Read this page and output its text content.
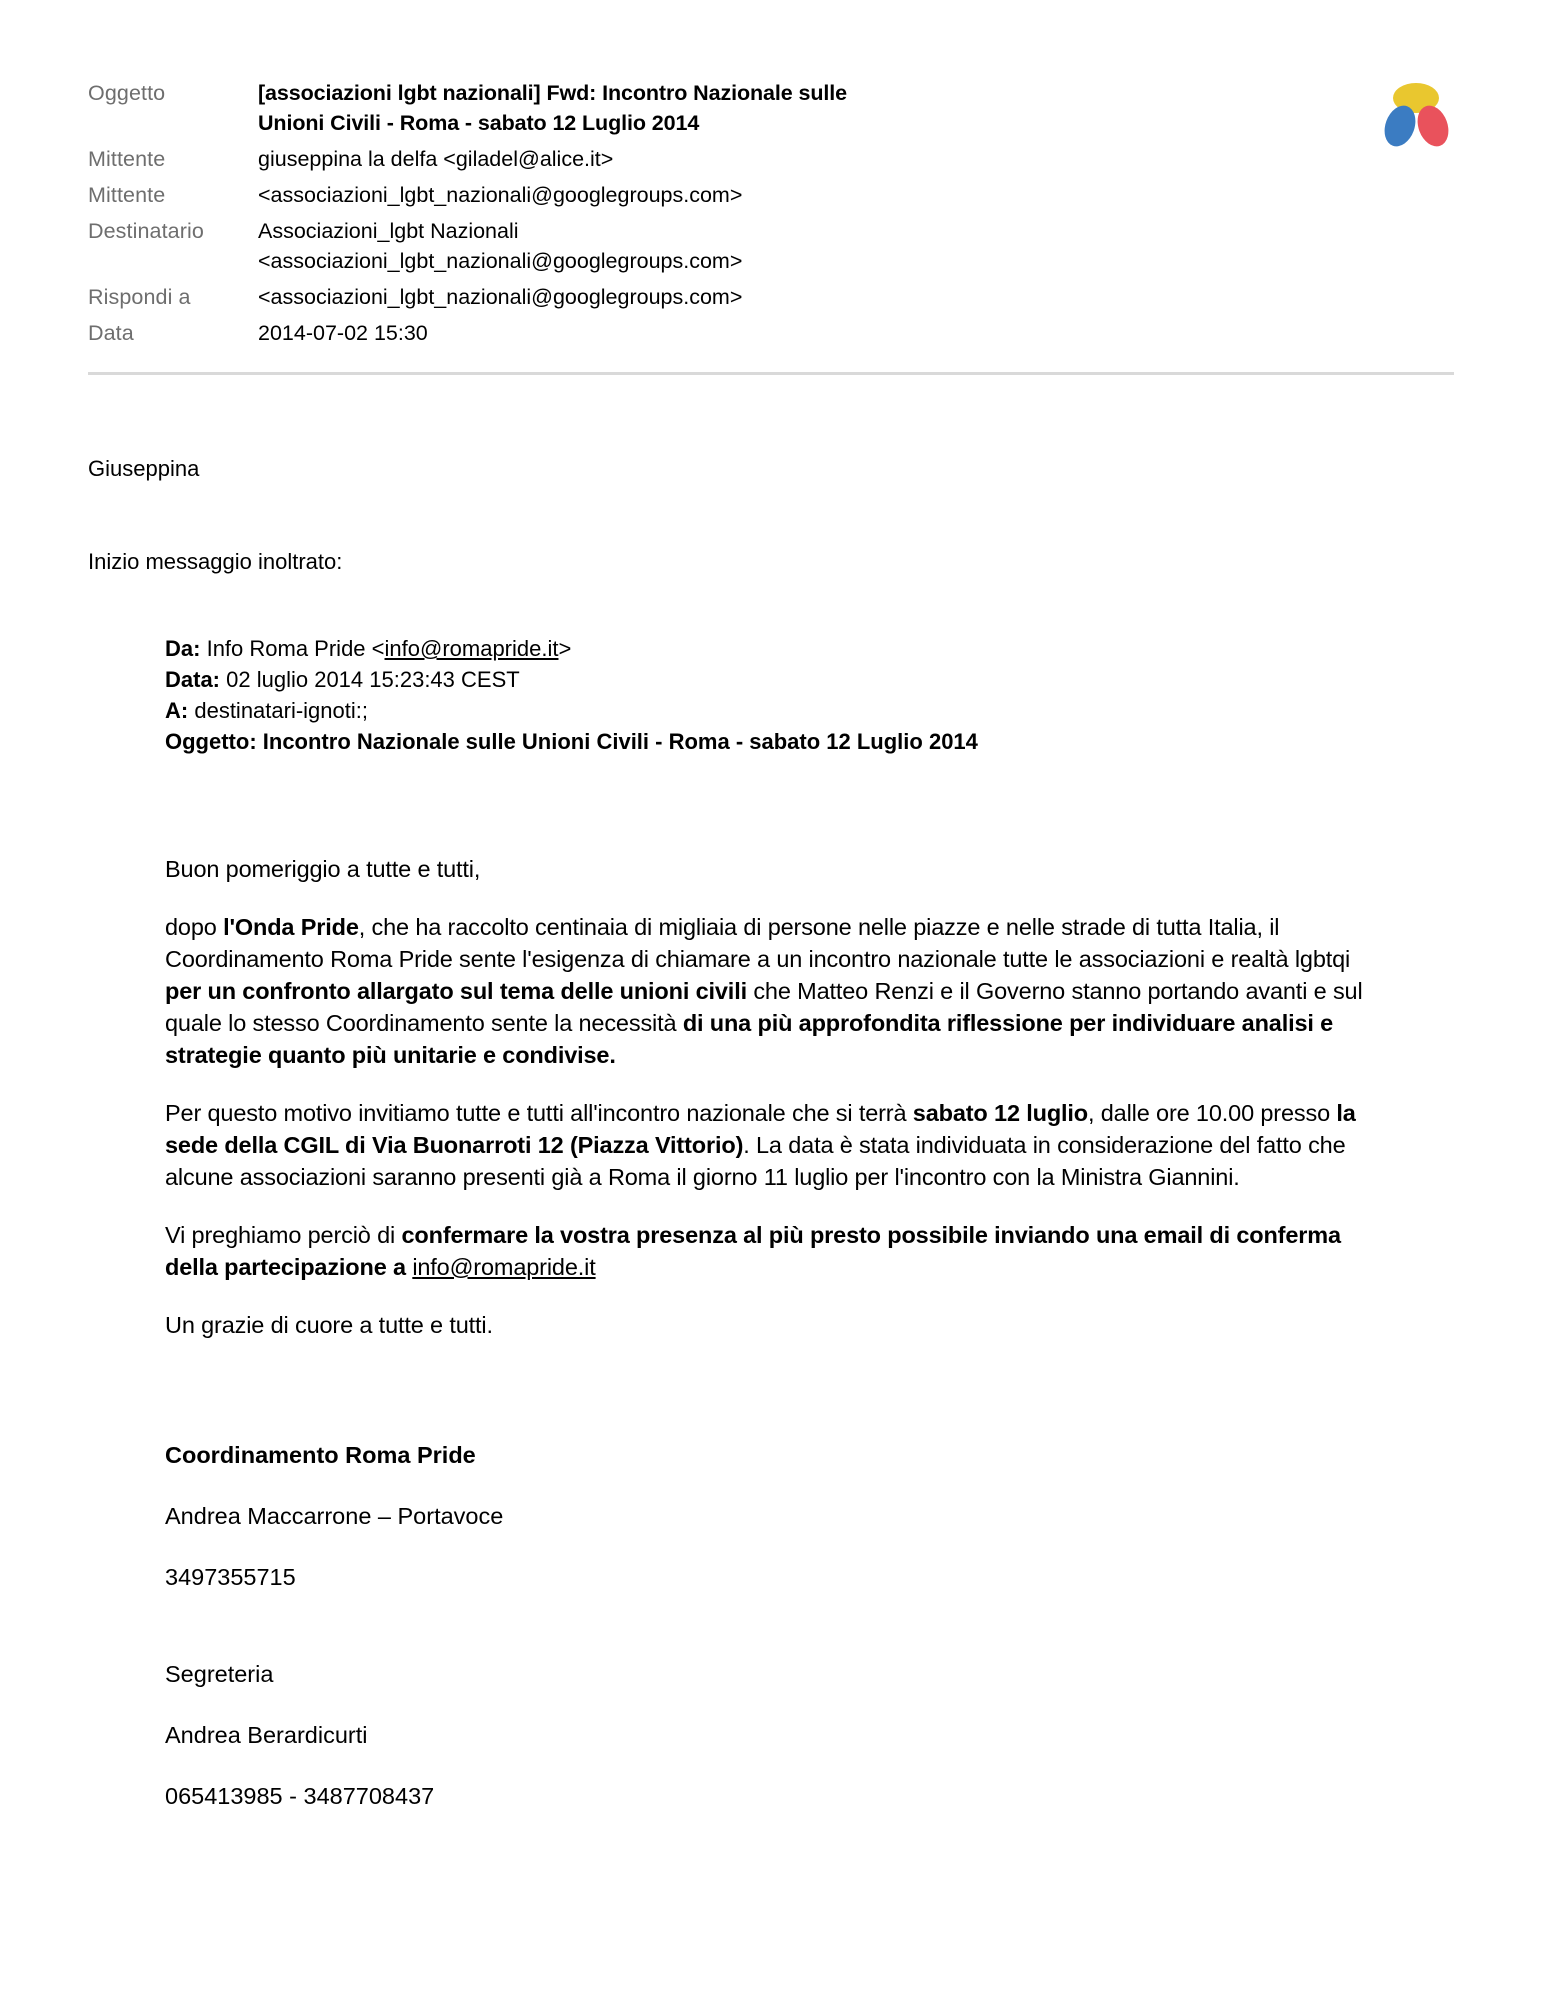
Oggetto	[associazioni lgbt nazionali] Fwd: Incontro Nazionale sulle
Unioni Civili - Roma - sabato 12 Luglio 2014

Mittente	giuseppina la delfa <giladel@alice.it>
Mittente	<associazioni_lgbt_nazionali@googlegroups.com>
Destinatario	Associazioni_lgbt Nazionali
<associazioni_lgbt_nazionali@googlegroups.com>

Rispondi a	<associazioni_lgbt_nazionali@googlegroups.com>
Data	2014-07-02 15:30

Giuseppina

Inizio messaggio inoltrato:

Da: Info Roma Pride <info@romapride.it>
Data: 02 luglio 2014 15:23:43 CEST
A: destinatari-ignoti:;
Oggetto: Incontro Nazionale sulle Unioni Civili - Roma - sabato 12 Luglio 2014

Buon pomeriggio a tutte e tutti,

dopo l'Onda Pride, che ha raccolto centinaia di migliaia di persone nelle piazze e nelle strade di tutta Italia, il Coordinamento Roma Pride sente l'esigenza di chiamare a un incontro nazionale tutte le associazioni e realtà lgbtqi per un confronto allargato sul tema delle unioni civili che Matteo Renzi e il Governo stanno portando avanti e sul quale lo stesso Coordinamento sente la necessità di una più approfondita riflessione per individuare analisi e strategie quanto più unitarie e condivise.

Per questo motivo invitiamo tutte e tutti all'incontro nazionale che si terrà sabato 12 luglio, dalle ore 10.00 presso la sede della CGIL di Via Buonarroti 12 (Piazza Vittorio). La data è stata individuata in considerazione del fatto che alcune associazioni saranno presenti già a Roma il giorno 11 luglio per l'incontro con la Ministra Giannini.

Vi preghiamo perciò di confermare la vostra presenza al più presto possibile inviando una email di conferma della partecipazione a info@romapride.it

Un grazie di cuore a tutte e tutti.

Coordinamento Roma Pride

Andrea Maccarrone – Portavoce

3497355715

Segreteria

Andrea Berardicurti

065413985 - 3487708437
